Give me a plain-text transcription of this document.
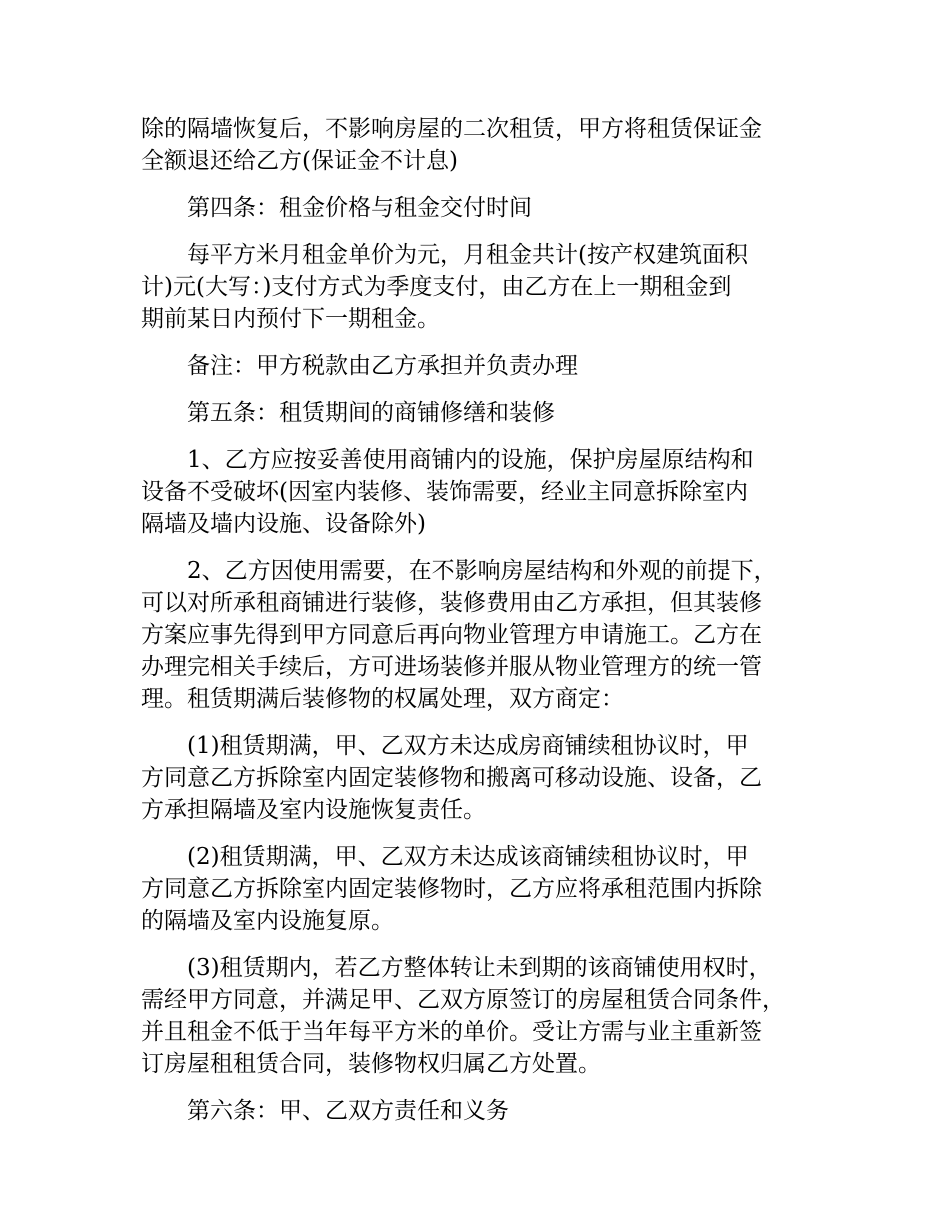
除的隔墙恢复后，不影响房屋的二次租赁，甲方将租赁保证金
全额退还给乙方(保证金不计息)
第四条：租金价格与租金交付时间
每平方米月租金单价为元，月租金共计(按产权建筑面积
计)元(大写：)支付方式为季度支付，由乙方在上一期租金到
期前某日内预付下一期租金。
备注：甲方税款由乙方承担并负责办理
第五条：租赁期间的商铺修缮和装修
1、乙方应按妥善使用商铺内的设施，保护房屋原结构和
设备不受破坏(因室内装修、装饰需要，经业主同意拆除室内
隔墙及墙内设施、设备除外)
2、乙方因使用需要，在不影响房屋结构和外观的前提下，
可以对所承租商铺进行装修，装修费用由乙方承担，但其装修
方案应事先得到甲方同意后再向物业管理方申请施工。乙方在
办理完相关手续后，方可进场装修并服从物业管理方的统一管
理。租赁期满后装修物的权属处理，双方商定：
(1)租赁期满，甲、乙双方未达成房商铺续租协议时，甲
方同意乙方拆除室内固定装修物和搬离可移动设施、设备，乙
方承担隔墙及室内设施恢复责任。
(2)租赁期满，甲、乙双方未达成该商铺续租协议时，甲
方同意乙方拆除室内固定装修物时，乙方应将承租范围内拆除
的隔墙及室内设施复原。
(3)租赁期内，若乙方整体转让未到期的该商铺使用权时，
需经甲方同意，并满足甲、乙双方原签订的房屋租赁合同条件，
并且租金不低于当年每平方米的单价。受让方需与业主重新签
订房屋租租赁合同，装修物权归属乙方处置。
第六条：甲、乙双方责任和义务
